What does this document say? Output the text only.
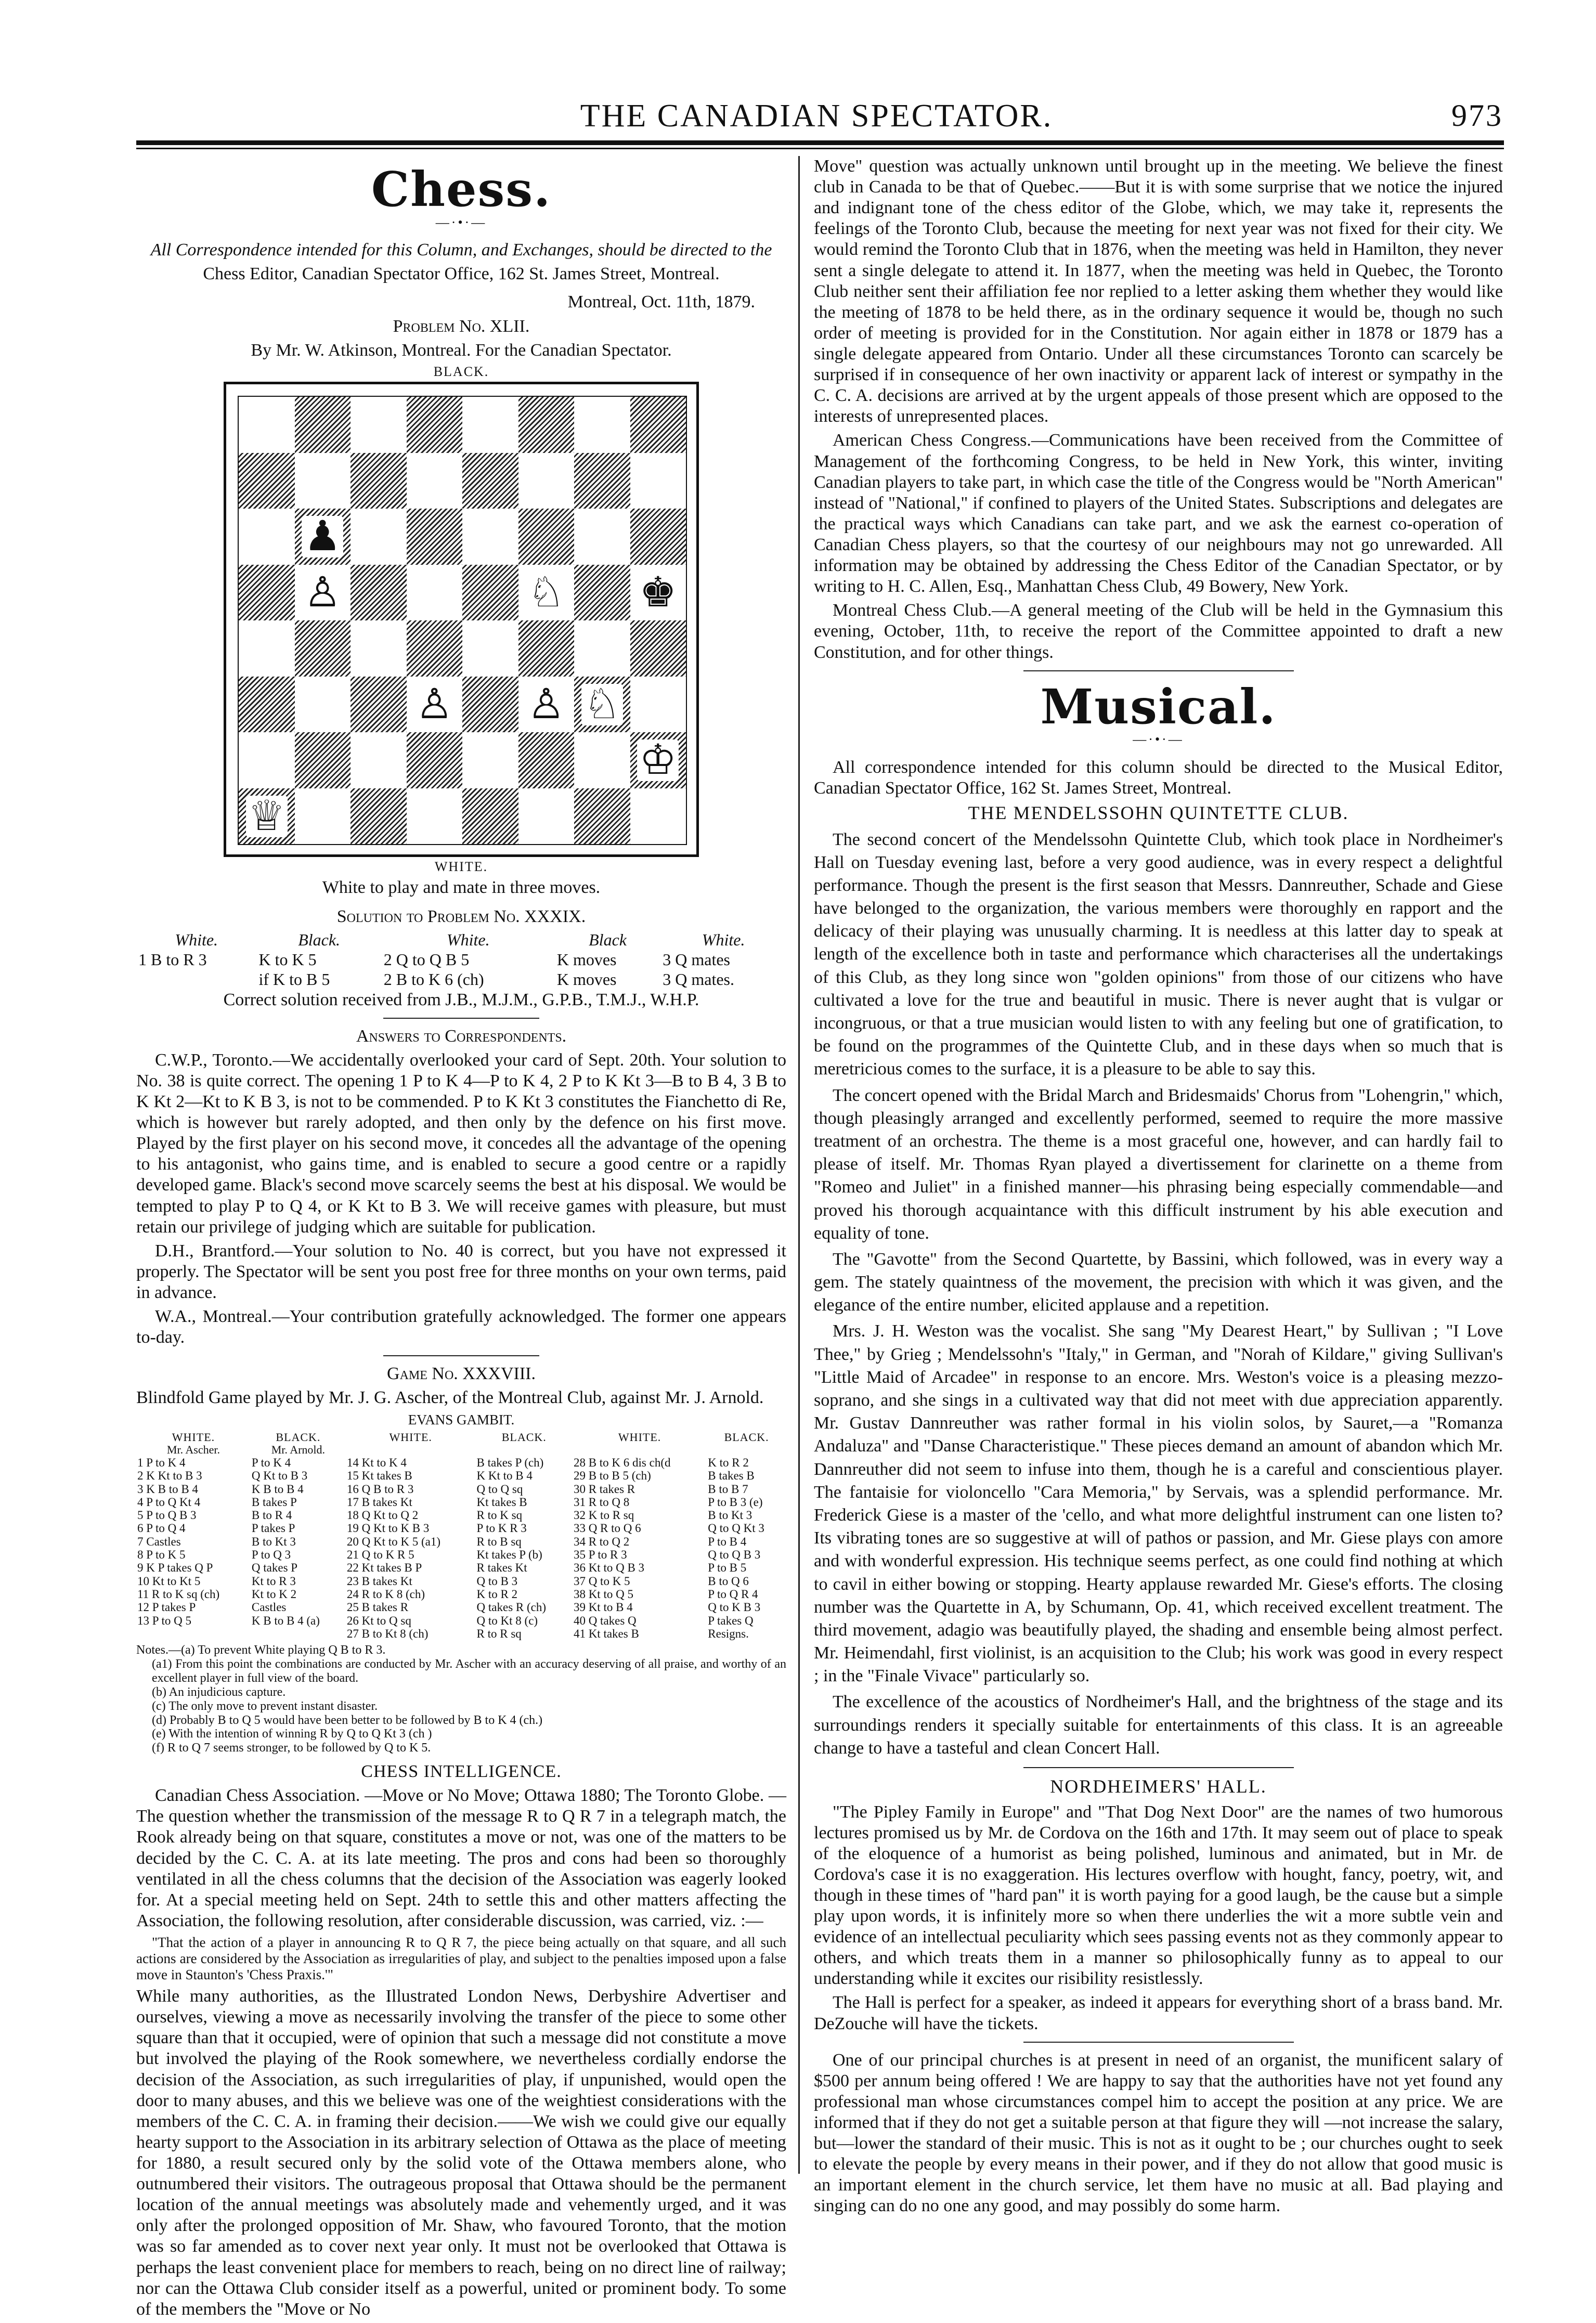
THE CANADIAN SPECTATOR.	973
Chess.
—·•·—

All Correspondence intended for this Column, and Exchanges, should be directed to the

Chess Editor, Canadian Spectator Office, 162 St. James Street, Montreal.

Montreal, Oct. 11th, 1879.

Problem No. XLII.

By Mr. W. Atkinson, Montreal. For the Canadian Spectator.

BLACK.
♟
♙	♘ ♚
♙ ♙ ♘
♔
♕
WHITE.

White to play and mate in three moves.

Solution to Problem No. XXXIX.

White.	Black.	White.	Black	White.
1 B to R 3	K to K 5	2 Q to Q B 5	K moves	3 Q mates
	if K to B 5	2 B to K 6 (ch)	K moves	3 Q mates.

Correct solution received from J.B., M.J.M., G.P.B., T.M.J., W.H.P.

Answers to Correspondents.

C.W.P., Toronto.—We accidentally overlooked your card of Sept. 20th. Your solution to No. 38 is quite correct. The opening 1 P to K 4—P to K 4, 2 P to K Kt 3—B to B 4, 3 B to K Kt 2—Kt to K B 3, is not to be commended. P to K Kt 3 constitutes the Fianchetto di Re, which is however but rarely adopted, and then only by the defence on his first move. Played by the first player on his second move, it concedes all the advantage of the opening to his antagonist, who gains time, and is enabled to secure a good centre or a rapidly developed game. Black's second move scarcely seems the best at his disposal. We would be tempted to play P to Q 4, or K Kt to B 3. We will receive games with pleasure, but must retain our privilege of judging which are suitable for publication.

D.H., Brantford.—Your solution to No. 40 is correct, but you have not expressed it properly. The Spectator will be sent you post free for three months on your own terms, paid in advance.

W.A., Montreal.—Your contribution gratefully acknowledged. The former one appears to-day.

Game No. XXXVIII.

Blindfold Game played by Mr. J. G. Ascher, of the Montreal Club, against Mr. J. Arnold.

EVANS GAMBIT.

WHITE.	BLACK.	WHITE.	BLACK.	WHITE.	BLACK.
Mr. Ascher.	Mr. Arnold.				
1 P to K 4	P to K 4	14 Kt to K 4	B takes P (ch)	28 B to K 6 dis ch(d	K to R 2
2 K Kt to B 3	Q Kt to B 3	15 Kt takes B	K Kt to B 4	29 B to B 5 (ch)	B takes B
3 K B to B 4	K B to B 4	16 Q B to R 3	Q to Q sq	30 R takes R	B to B 7
4 P to Q Kt 4	B takes P	17 B takes Kt	Kt takes B	31 R to Q 8	P to B 3 (e)
5 P to Q B 3	B to R 4	18 Q Kt to Q 2	R to K sq	32 K to R sq	B to Kt 3
6 P to Q 4	P takes P	19 Q Kt to K B 3	P to K R 3	33 Q R to Q 6	Q to Q Kt 3
7 Castles	B to Kt 3	20 Q Kt to K 5 (a1)	R to B sq	34 R to Q 2	P to B 4
8 P to K 5	P to Q 3	21 Q to K R 5	Kt takes P (b)	35 P to R 3	Q to Q B 3
9 K P takes Q P	Q takes P	22 Kt takes B P	R takes Kt	36 Kt to Q B 3	P to B 5
10 Kt to Kt 5	Kt to R 3	23 B takes Kt	Q to B 3	37 Q to K 5	B to Q 6
11 R to K sq (ch)	Kt to K 2	24 R to K 8 (ch)	K to R 2	38 Kt to Q 5	P to Q R 4
12 P takes P	Castles	25 B takes R	Q takes R (ch)	39 Kt to B 4	Q to K B 3
13 P to Q 5	K B to B 4 (a)	26 Kt to Q sq	Q to Kt 8 (c)	40 Q takes Q	P takes Q
		27 B to Kt 8 (ch)	R to R sq	41 Kt takes B	Resigns.
Notes.—(a) To prevent White playing Q B to R 3.
(a1) From this point the combinations are conducted by Mr. Ascher with an accuracy deserving of all praise, and worthy of an excellent player in full view of the board.
(b) An injudicious capture.
(c) The only move to prevent instant disaster.
(d) Probably B to Q 5 would have been better to be followed by B to K 4 (ch.)
(e) With the intention of winning R by Q to Q Kt 3 (ch )
(f) R to Q 7 seems stronger, to be followed by Q to K 5.

CHESS INTELLIGENCE.

Canadian Chess Association. —Move or No Move; Ottawa 1880; The Toronto Globe. —The question whether the transmission of the message R to Q R 7 in a telegraph match, the Rook already being on that square, constitutes a move or not, was one of the matters to be decided by the C. C. A. at its late meeting. The pros and cons had been so thoroughly ventilated in all the chess columns that the decision of the Association was eagerly looked for. At a special meeting held on Sept. 24th to settle this and other matters affecting the Association, the following resolution, after considerable discussion, was carried, viz. :—

"That the action of a player in announcing R to Q R 7, the piece being actually on that square, and all such actions are considered by the Association as irregularities of play, and subject to the penalties imposed upon a false move in Staunton's 'Chess Praxis.'"

While many authorities, as the Illustrated London News, Derbyshire Advertiser and ourselves, viewing a move as necessarily involving the transfer of the piece to some other square than that it occupied, were of opinion that such a message did not constitute a move but involved the playing of the Rook somewhere, we nevertheless cordially endorse the decision of the Association, as such irregularities of play, if unpunished, would open the door to many abuses, and this we believe was one of the weightiest considerations with the members of the C. C. A. in framing their decision.——We wish we could give our equally hearty support to the Association in its arbitrary selection of Ottawa as the place of meeting for 1880, a result secured only by the solid vote of the Ottawa members alone, who outnumbered their visitors. The outrageous proposal that Ottawa should be the permanent location of the annual meetings was absolutely made and vehemently urged, and it was only after the prolonged opposition of Mr. Shaw, who favoured Toronto, that the motion was so far amended as to cover next year only. It must not be overlooked that Ottawa is perhaps the least convenient place for members to reach, being on no direct line of railway; nor can the Ottawa Club consider itself as a powerful, united or prominent body. To some of the members the "Move or No

Move" question was actually unknown until brought up in the meeting. We believe the finest club in Canada to be that of Quebec.——But it is with some surprise that we notice the injured and indignant tone of the chess editor of the Globe, which, we may take it, represents the feelings of the Toronto Club, because the meeting for next year was not fixed for their city. We would remind the Toronto Club that in 1876, when the meeting was held in Hamilton, they never sent a single delegate to attend it. In 1877, when the meeting was held in Quebec, the Toronto Club neither sent their affiliation fee nor replied to a letter asking them whether they would like the meeting of 1878 to be held there, as in the ordinary sequence it would be, though no such order of meeting is provided for in the Constitution. Nor again either in 1878 or 1879 has a single delegate appeared from Ontario. Under all these circumstances Toronto can scarcely be surprised if in consequence of her own inactivity or apparent lack of interest or sympathy in the C. C. A. decisions are arrived at by the urgent appeals of those present which are opposed to the interests of unrepresented places.

American Chess Congress.—Communications have been received from the Committee of Management of the forthcoming Congress, to be held in New York, this winter, inviting Canadian players to take part, in which case the title of the Congress would be "North American" instead of "National," if confined to players of the United States. Subscriptions and delegates are the practical ways which Canadians can take part, and we ask the earnest co-operation of Canadian Chess players, so that the courtesy of our neighbours may not go unrewarded. All information may be obtained by addressing the Chess Editor of the Canadian Spectator, or by writing to H. C. Allen, Esq., Manhattan Chess Club, 49 Bowery, New York.

Montreal Chess Club.—A general meeting of the Club will be held in the Gymnasium this evening, October, 11th, to receive the report of the Committee appointed to draft a new Constitution, and for other things.

Musical.
—·•·—

All correspondence intended for this column should be directed to the Musical Editor, Canadian Spectator Office, 162 St. James Street, Montreal.

THE MENDELSSOHN QUINTETTE CLUB.

The second concert of the Mendelssohn Quintette Club, which took place in Nordheimer's Hall on Tuesday evening last, before a very good audience, was in every respect a delightful performance. Though the present is the first season that Messrs. Dannreuther, Schade and Giese have belonged to the organization, the various members were thoroughly en rapport and the delicacy of their playing was unusually charming. It is needless at this latter day to speak at length of the excellence both in taste and performance which characterises all the undertakings of this Club, as they long since won "golden opinions" from those of our citizens who have cultivated a love for the true and beautiful in music. There is never aught that is vulgar or incongruous, or that a true musician would listen to with any feeling but one of gratification, to be found on the programmes of the Quintette Club, and in these days when so much that is meretricious comes to the surface, it is a pleasure to be able to say this.

The concert opened with the Bridal March and Bridesmaids' Chorus from "Lohengrin," which, though pleasingly arranged and excellently performed, seemed to require the more massive treatment of an orchestra. The theme is a most graceful one, however, and can hardly fail to please of itself. Mr. Thomas Ryan played a divertissement for clarinette on a theme from "Romeo and Juliet" in a finished manner—his phrasing being especially commendable—and proved his thorough acquaintance with this difficult instrument by his able execution and equality of tone.

The "Gavotte" from the Second Quartette, by Bassini, which followed, was in every way a gem. The stately quaintness of the movement, the precision with which it was given, and the elegance of the entire number, elicited applause and a repetition.

Mrs. J. H. Weston was the vocalist. She sang "My Dearest Heart," by Sullivan ; "I Love Thee," by Grieg ; Mendelssohn's "Italy," in German, and "Norah of Kildare," giving Sullivan's "Little Maid of Arcadee" in response to an encore. Mrs. Weston's voice is a pleasing mezzo-soprano, and she sings in a cultivated way that did not meet with due appreciation apparently. Mr. Gustav Dannreuther was rather formal in his violin solos, by Sauret,—a "Romanza Andaluza" and "Danse Characteristique." These pieces demand an amount of abandon which Mr. Dannreuther did not seem to infuse into them, though he is a careful and conscientious player. The fantaisie for violoncello "Cara Memoria," by Servais, was a splendid performance. Mr. Frederick Giese is a master of the 'cello, and what more delightful instrument can one listen to? Its vibrating tones are so suggestive at will of pathos or passion, and Mr. Giese plays con amore and with wonderful expression. His technique seems perfect, as one could find nothing at which to cavil in either bowing or stopping. Hearty applause rewarded Mr. Giese's efforts. The closing number was the Quartette in A, by Schumann, Op. 41, which received excellent treatment. The third movement, adagio was beautifully played, the shading and ensemble being almost perfect. Mr. Heimendahl, first violinist, is an acquisition to the Club; his work was good in every respect ; in the "Finale Vivace" particularly so.

The excellence of the acoustics of Nordheimer's Hall, and the brightness of the stage and its surroundings renders it specially suitable for entertainments of this class. It is an agreeable change to have a tasteful and clean Concert Hall.

NORDHEIMERS' HALL.

"The Pipley Family in Europe" and "That Dog Next Door" are the names of two humorous lectures promised us by Mr. de Cordova on the 16th and 17th. It may seem out of place to speak of the eloquence of a humorist as being polished, luminous and animated, but in Mr. de Cordova's case it is no exaggeration. His lectures overflow with hought, fancy, poetry, wit, and though in these times of "hard pan" it is worth paying for a good laugh, be the cause but a simple play upon words, it is infinitely more so when there underlies the wit a more subtle vein and evidence of an intellectual peculiarity which sees passing events not as they commonly appear to others, and which treats them in a manner so philosophically funny as to appeal to our understanding while it excites our risibility resistlessly.

The Hall is perfect for a speaker, as indeed it appears for everything short of a brass band. Mr. DeZouche will have the tickets.

One of our principal churches is at present in need of an organist, the munificent salary of $500 per annum being offered ! We are happy to say that the authorities have not yet found any professional man whose circumstances compel him to accept the position at any price. We are informed that if they do not get a suitable person at that figure they will —not increase the salary, but—lower the standard of their music. This is not as it ought to be ; our churches ought to seek to elevate the people by every means in their power, and if they do not allow that good music is an important element in the church service, let them have no music at all. Bad playing and singing can do no one any good, and may possibly do some harm.
